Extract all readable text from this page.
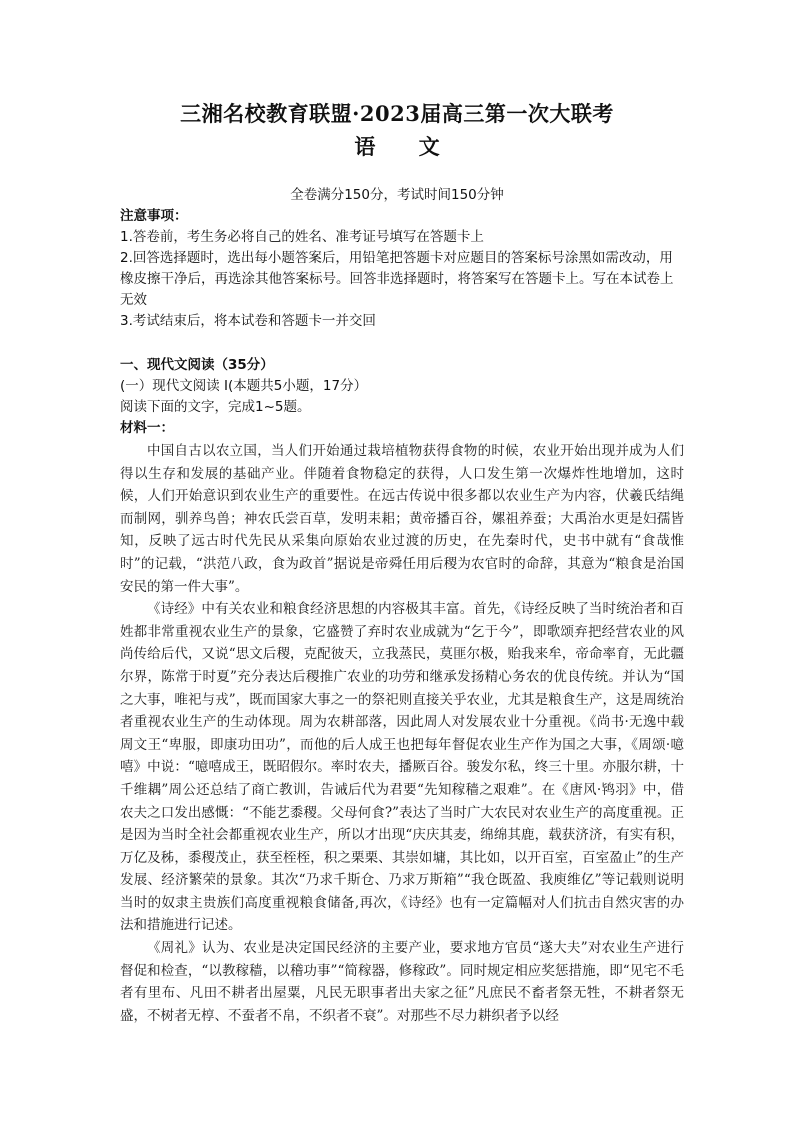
三湘名校教育联盟·2023届高三第一次大联考
语 文
全卷满分150分，考试时间150分钟

注意事项：

1.答卷前，考生务必将自己的姓名、准考证号填写在答题卡上

2.回答选择题时，选出每小题答案后，用铅笔把答题卡对应题目的答案标号涂黑如需改动，用橡皮擦干净后，再选涂其他答案标号。回答非选择题时，将答案写在答题卡上。写在本试卷上无效

3.考试结束后，将本试卷和答题卡一并交回

一、现代文阅读（35分）

(一）现代文阅读 I(本题共5小题，17分）

阅读下面的文字，完成1~5题。

材料一：

中国自古以农立国，当人们开始通过栽培植物获得食物的时候，农业开始出现并成为人们得以生存和发展的基础产业。伴随着食物稳定的获得，人口发生第一次爆炸性地增加，这时候，人们开始意识到农业生产的重要性。在远古传说中很多都以农业生产为内容，伏羲氏结绳而制网，驯养鸟兽；神农氏尝百草，发明耒耜；黄帝播百谷，嫘祖养蚕；大禹治水更是妇孺皆知，反映了远古时代先民从采集向原始农业过渡的历史，在先秦时代，史书中就有“食哉惟时”的记载，“洪范八政，食为政首”据说是帝舜任用后稷为农官时的命辞，其意为“粮食是治国安民的第一件大事”。

《诗经》中有关农业和粮食经济思想的内容极其丰富。首先，《诗经反映了当时统治者和百姓都非常重视农业生产的景象，它盛赞了弃时农业成就为“乞于今”，即歌颂弃把经营农业的风尚传给后代，又说“思文后稷，克配彼天，立我蒸民，莫匪尔极，贻我来牟，帝命率育，无此疆尔界，陈常于时夏”充分表达后稷推广农业的功劳和继承发扬精心务农的优良传统。并认为“国之大事，唯祀与戎”，既而国家大事之一的祭祀则直接关乎农业，尤其是粮食生产，这是周统治者重视农业生产的生动体现。周为农耕部落，因此周人对发展农业十分重视。《尚书·无逸中载周文王“卑服，即康功田功”，而他的后人成王也把每年督促农业生产作为国之大事，《周颂·噫嘻》中说：“噫嘻成王，既昭假尔。率时农夫，播厥百谷。骏发尔私，终三十里。亦服尔耕，十千维耦”周公还总结了商亡教训，告诫后代为君要“先知稼穑之艰难”。在《唐风·鸨羽》中，借农夫之口发出感慨：“不能艺黍稷。父母何食?”表达了当时广大农民对农业生产的高度重视。正是因为当时全社会都重视农业生产，所以才出现“庆庆其麦，绵绵其鹿，载获济济，有实有积，万亿及秭，黍稷茂止，获至桎桎，积之栗栗、其崇如墉，其比如，以开百室，百室盈止”的生产发展、经济繁荣的景象。其次“乃求千斯仓、乃求万斯箱”“我仓既盈、我庾维亿”等记载则说明当时的奴隶主贵族们高度重视粮食储备,再次，《诗经》也有一定篇幅对人们抗击自然灾害的办法和措施进行记述。

《周礼》认为、农业是决定国民经济的主要产业，要求地方官员“遂大夫”对农业生产进行督促和检查，“以教稼穑，以稽功事”“简稼器，修稼政”。同时规定相应奖惩措施，即“见宅不毛者有里布、凡田不耕者出屋粟，凡民无职事者出夫家之征”凡庶民不畜者祭无牲，不耕者祭无盛，不树者无椁、不蚕者不帛，不织者不衰”。对那些不尽力耕织者予以经
